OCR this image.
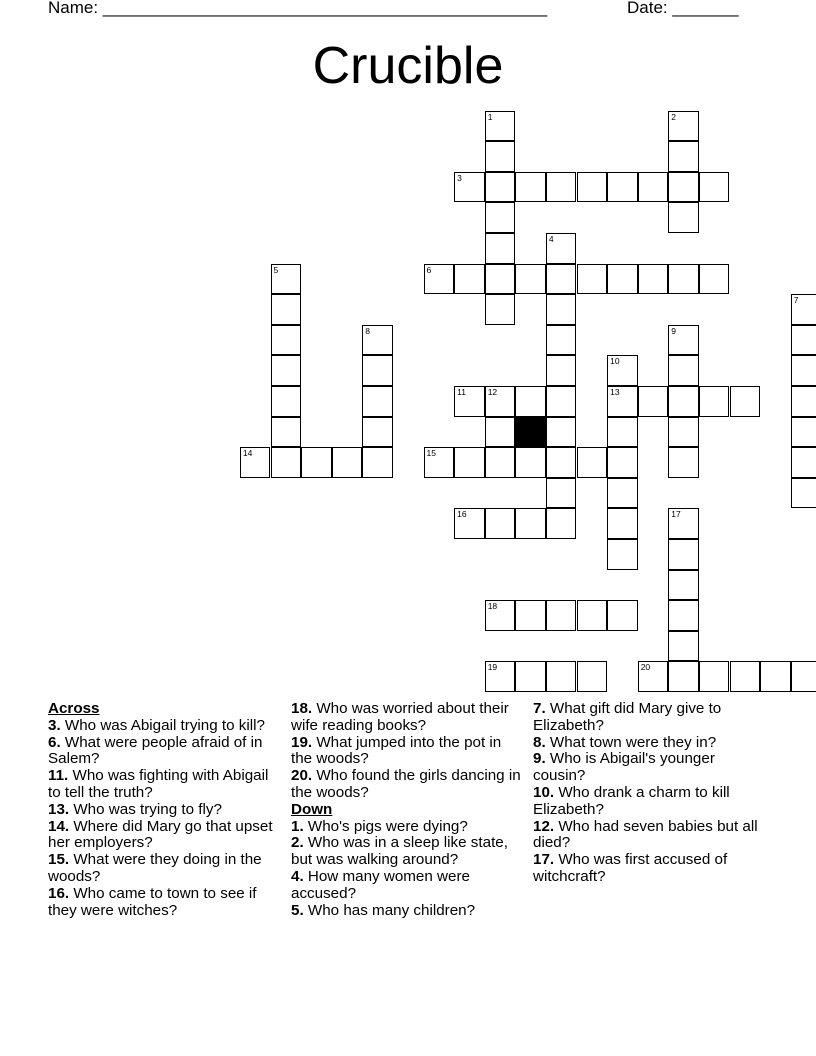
Name: _______________________________________________	Date: _______
Crucible
1	2
3
4
5	6
7
8	9
10
11	12	13
14	15
16	17
18
19	20
Across

3. Who was Abigail trying to kill?

6. What were people afraid of in Salem?

11. Who was fighting with Abigail to tell the truth?

13. Who was trying to fly?

14. Where did Mary go that upset her employers?

15. What were they doing in the woods?

16. Who came to town to see if they were witches?

18. Who was worried about their wife reading books?

19. What jumped into the pot in the woods?

20. Who found the girls dancing in the woods?

Down

1. Who's pigs were dying?

2. Who was in a sleep like state, but was walking around?

4. How many women were accused?

5. Who has many children?

7. What gift did Mary give to Elizabeth?

8. What town were they in?

9. Who is Abigail's younger cousin?

10. Who drank a charm to kill Elizabeth?

12. Who had seven babies but all died?

17. Who was first accused of witchcraft?
